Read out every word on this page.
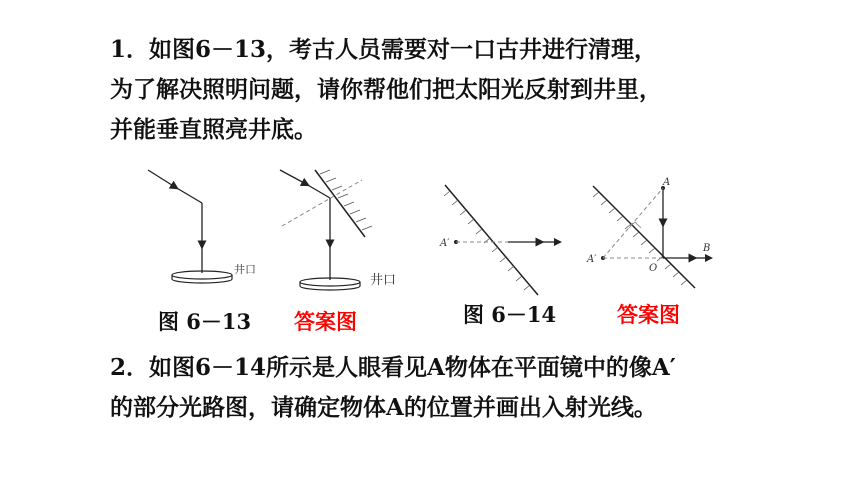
1．如图6－13，考古人员需要对一口古井进行清理，
为了解决照明问题，请你帮他们把太阳光反射到井里，
并能垂直照亮井底。
井口
图 6－13
井口
答案图
A′
图 6－14
A
A′
O
B
答案图
2．如图6－14所示是人眼看见A物体在平面镜中的像A′
的部分光路图，请确定物体A的位置并画出入射光线。
